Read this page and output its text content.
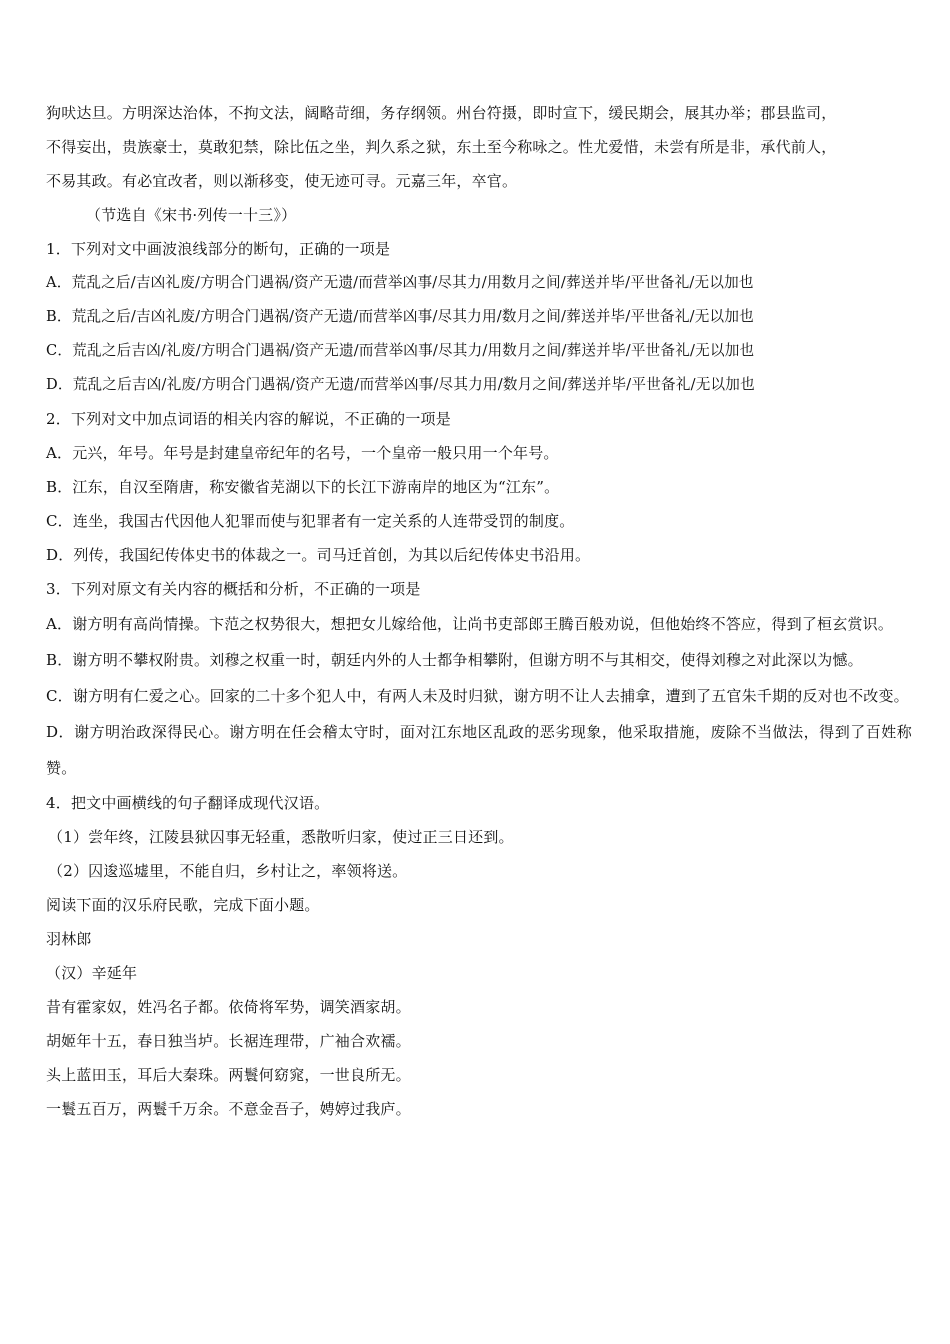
狗吠达旦。方明深达治体，不拘文法，阔略苛细，务存纲领。州台符摄，即时宣下，缓民期会，展其办举；郡县监司，
不得妄出，贵族豪士，莫敢犯禁，除比伍之坐，判久系之狱，东土至今称咏之。性尤爱惜，未尝有所是非，承代前人，
不易其政。有必宜改者，则以渐移变，使无迹可寻。元嘉三年，卒官。
（节选自《宋书·列传一十三》）
1．下列对文中画波浪线部分的断句，正确的一项是
A．荒乱之后/吉凶礼废/方明合门遇祸/资产无遗/而营举凶事/尽其力/用数月之间/葬送并毕/平世备礼/无以加也
B．荒乱之后/吉凶礼废/方明合门遇祸/资产无遗/而营举凶事/尽其力用/数月之间/葬送并毕/平世备礼/无以加也
C．荒乱之后吉凶/礼废/方明合门遇祸/资产无遗/而营举凶事/尽其力/用数月之间/葬送并毕/平世备礼/无以加也
D．荒乱之后吉凶/礼废/方明合门遇祸/资产无遗/而营举凶事/尽其力用/数月之间/葬送并毕/平世备礼/无以加也
2．下列对文中加点词语的相关内容的解说，不正确的一项是
A．元兴，年号。年号是封建皇帝纪年的名号，一个皇帝一般只用一个年号。
B．江东，自汉至隋唐，称安徽省芜湖以下的长江下游南岸的地区为“江东”。
C．连坐，我国古代因他人犯罪而使与犯罪者有一定关系的人连带受罚的制度。
D．列传，我国纪传体史书的体裁之一。司马迁首创，为其以后纪传体史书沿用。
3．下列对原文有关内容的概括和分析，不正确的一项是
A．谢方明有高尚情操。卞范之权势很大，想把女儿嫁给他，让尚书吏部郎王腾百般劝说，但他始终不答应，得到了桓玄赏识。
B．谢方明不攀权附贵。刘穆之权重一时，朝廷内外的人士都争相攀附，但谢方明不与其相交，使得刘穆之对此深以为憾。
C．谢方明有仁爱之心。回家的二十多个犯人中，有两人未及时归狱，谢方明不让人去捕拿，遭到了五官朱千期的反对也不改变。
D．谢方明治政深得民心。谢方明在任会稽太守时，面对江东地区乱政的恶劣现象，他采取措施，废除不当做法，得到了百姓称赞。
4．把文中画横线的句子翻译成现代汉语。
（1）尝年终，江陵县狱囚事无轻重，悉散听归家，使过正三日还到。
（2）囚逡巡墟里，不能自归，乡村让之，率领将送。
阅读下面的汉乐府民歌，完成下面小题。
羽林郎
（汉）辛延年
昔有霍家奴，姓冯名子都。依倚将军势，调笑酒家胡。
胡姬年十五，春日独当垆。长裾连理带，广袖合欢襦。
头上蓝田玉，耳后大秦珠。两鬟何窈窕，一世良所无。
一鬟五百万，两鬟千万余。不意金吾子，娉婷过我庐。
